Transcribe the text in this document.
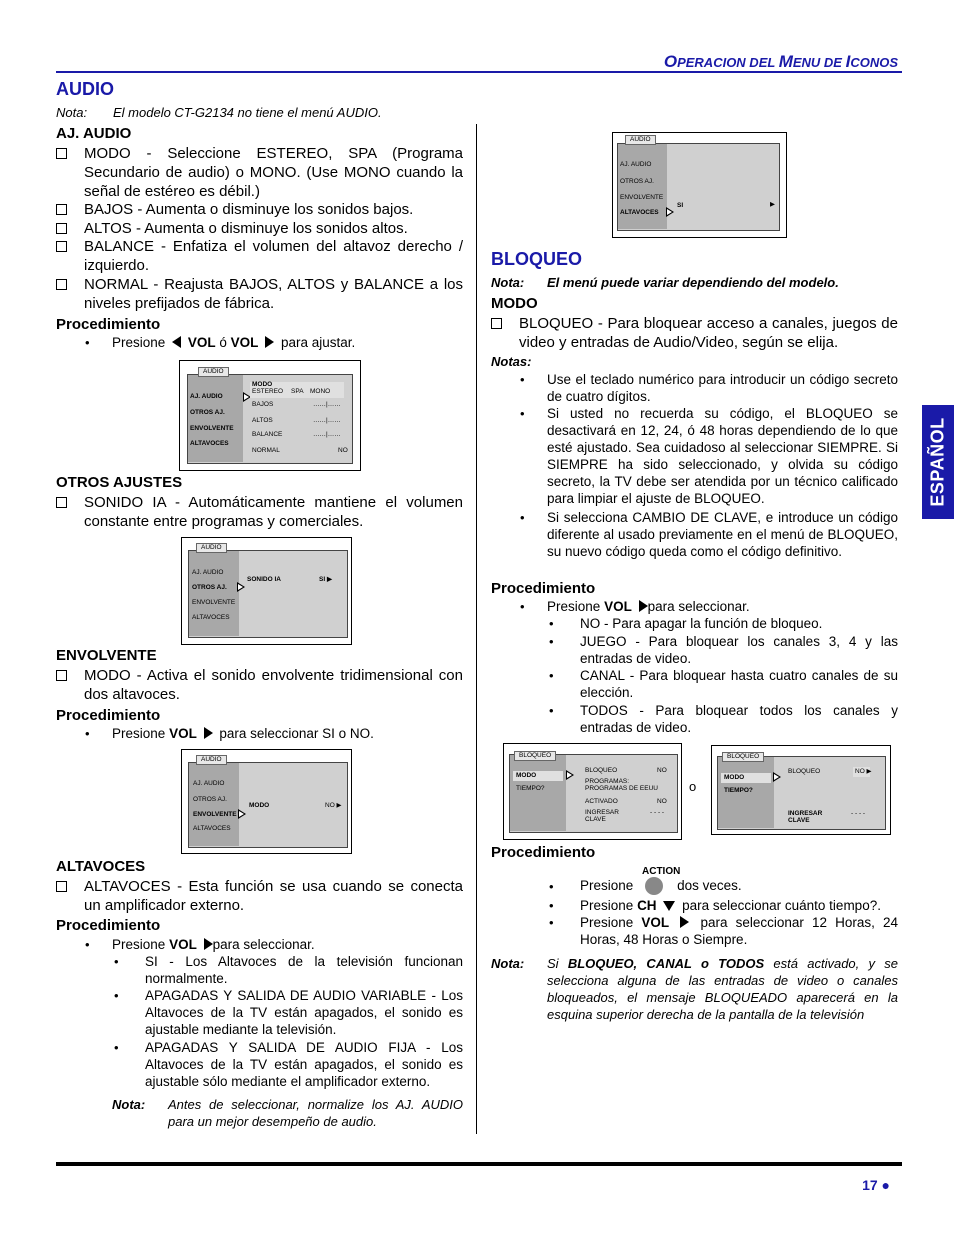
OPERACION DEL MENU DE ICONOS
ESPAÑOL
17 ●
AUDIO
Nota: El modelo CT-G2134 no tiene el menú AUDIO.
AJ. AUDIO
MODO - Seleccione ESTEREO, SPA (Programa Secundario de audio) o MONO. (Use MONO cuando la señal de estéreo es débil.)
BAJOS - Aumenta o disminuye los sonidos bajos.
ALTOS - Aumenta o disminuye los sonidos altos.
BALANCE - Enfatiza el volumen del altavoz derecho / izquierdo.
NORMAL - Reajusta BAJOS, ALTOS y BALANCE a los niveles prefijados de fábrica.
Procedimiento
• Presione VOL ó VOL para ajustar.
AUDIO
AJ. AUDIO
OTROS AJ.
ENVOLVENTE
ALTAVOCES
MODO
ESTEREO SPA MONO
BAJOS	……|……
ALTOS	……|……
BALANCE	……|……
NORMAL	NO
OTROS AJUSTES
SONIDO IA - Automáticamente mantiene el volumen constante entre programas y comerciales.
AUDIO
AJ. AUDIO
OTROS AJ.
ENVOLVENTE
ALTAVOCES
SONIDO IA	SI ▶
ENVOLVENTE
MODO - Activa el sonido envolvente tridimensional con dos altavoces.
Procedimiento
• Presione VOL para seleccionar SI o NO.
AUDIO
AJ. AUDIO
OTROS AJ.
ENVOLVENTE
ALTAVOCES
MODO	NO ▶
ALTAVOCES
ALTAVOCES - Esta función se usa cuando se conecta un amplificador externo.
Procedimiento
• Presione VOL para seleccionar.
• SI - Los Altavoces de la televisión funcionan normalmente.
• APAGADAS Y SALIDA DE AUDIO VARIABLE - Los Altavoces de la TV están apagados, el sonido es ajustable mediante la televisión.
• APAGADAS Y SALIDA DE AUDIO FIJA - Los Altavoces de la TV están apagados, el sonido es ajustable sólo mediante el amplificador externo.
Nota: Antes de seleccionar, normalize los AJ. AUDIO para un mejor desempeño de audio.
AUDIO
AJ. AUDIO
OTROS AJ.
ENVOLVENTE
ALTAVOCES
SI	▶
BLOQUEO
Nota: El menú puede variar dependiendo del modelo.
MODO
BLOQUEO - Para bloquear acceso a canales, juegos de video y entradas de Audio/Video, según se elija.
Notas:
• Use el teclado numérico para introducir un código secreto de cuatro dígitos.
• Si usted no recuerda su código, el BLOQUEO se desactivará en 12, 24, ó 48 horas dependiendo de lo que esté ajustado. Sea cuidadoso al seleccionar SIEMPRE. Si SIEMPRE ha sido seleccionado, y olvida su código secreto, la TV debe ser atendida por un técnico calificado para limpiar el ajuste de BLOQUEO.
• Si selecciona CAMBIO DE CLAVE, e introduce un código diferente al usado previamente en el menú de BLOQUEO, su nuevo código queda como el código definitivo.
Procedimiento
• Presione VOL para seleccionar.
• NO - Para apagar la función de bloqueo.
• JUEGO - Para bloquear los canales 3, 4 y las entradas de video.
• CANAL - Para bloquear hasta cuatro canales de su elección.
• TODOS - Para bloquear todos los canales y entradas de video.
BLOQUEO
MODO
TIEMPO?
BLOQUEO	NO
PROGRAMAS:
PROGRAMAS DE EEUU
ACTIVADO	NO
INGRESAR
CLAVE
- - - -
o
BLOQUEO
MODO
TIEMPO?
BLOQUEO	NO ▶
INGRESAR
CLAVE
- - - -
Procedimiento
ACTION
• Presione	dos veces.
• Presione CH para seleccionar cuánto tiempo?.
• Presione VOL para seleccionar 12 Horas, 24 Horas, 48 Horas o Siempre.
Nota: Si BLOQUEO, CANAL o TODOS está activado, y se selecciona alguna de las entradas de video o canales bloqueados, el mensaje BLOQUEADO aparecerá en la esquina superior derecha de la pantalla de la televisión
